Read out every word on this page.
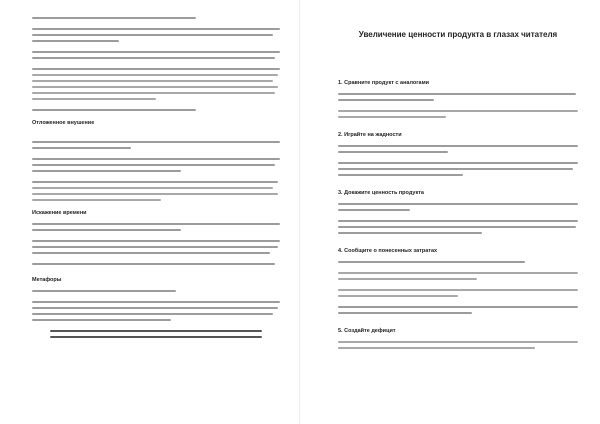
Отложенное внушение
Искажение времени
Метафоры
Увеличение ценности продукта в глазах читателя
1. Сравните продукт с аналогами
2. Играйте на жадности
3. Докажите ценность продукта
4. Сообщите о понесенных затратах
5. Создайте дефицит
